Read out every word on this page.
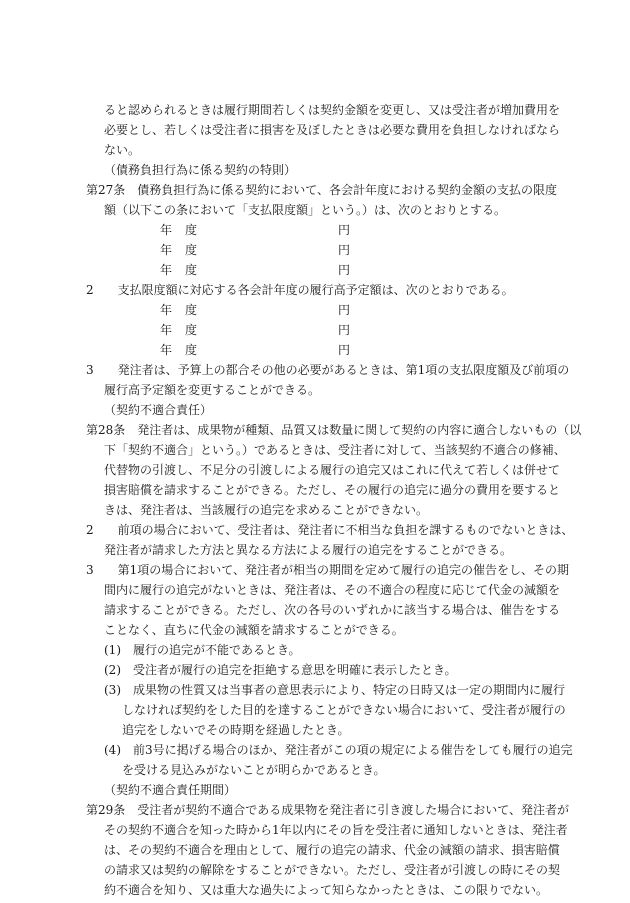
ると認められるときは履行期間若しくは契約金額を変更し、又は受注者が増加費用を
必要とし、若しくは受注者に損害を及ぼしたときは必要な費用を負担しなければなら
ない。
（債務負担行為に係る契約の特則）
第27条　債務負担行為に係る契約において、各会計年度における契約金額の支払の限度
額（以下この条において「支払限度額」という。）は、次のとおりとする。
年 度	円
年 度	円
年 度	円
2　　支払限度額に対応する各会計年度の履行高予定額は、次のとおりである。
年 度	円
年 度	円
年 度	円
3　　発注者は、予算上の都合その他の必要があるときは、第1項の支払限度額及び前項の
履行高予定額を変更することができる。
（契約不適合責任）
第28条　発注者は、成果物が種類、品質又は数量に関して契約の内容に適合しないもの（以
下「契約不適合」という。）であるときは、受注者に対して、当該契約不適合の修補、
代替物の引渡し、不足分の引渡しによる履行の追完又はこれに代えて若しくは併せて
損害賠償を請求することができる。ただし、その履行の追完に過分の費用を要すると
きは、発注者は、当該履行の追完を求めることができない。
2　　前項の場合において、受注者は、発注者に不相当な負担を課するものでないときは、
発注者が請求した方法と異なる方法による履行の追完をすることができる。
3　　第1項の場合において、発注者が相当の期間を定めて履行の追完の催告をし、その期
間内に履行の追完がないときは、発注者は、その不適合の程度に応じて代金の減額を
請求することができる。ただし、次の各号のいずれかに該当する場合は、催告をする
ことなく、直ちに代金の減額を請求することができる。
(1)　履行の追完が不能であるとき。
(2)　受注者が履行の追完を拒絶する意思を明確に表示したとき。
(3)　成果物の性質又は当事者の意思表示により、特定の日時又は一定の期間内に履行
しなければ契約をした目的を達することができない場合において、受注者が履行の
追完をしないでその時期を経過したとき。
(4)　前3号に掲げる場合のほか、発注者がこの項の規定による催告をしても履行の追完
を受ける見込みがないことが明らかであるとき。
（契約不適合責任期間）
第29条　受注者が契約不適合である成果物を発注者に引き渡した場合において、発注者が
その契約不適合を知った時から1年以内にその旨を受注者に通知しないときは、発注者
は、その契約不適合を理由として、履行の追完の請求、代金の減額の請求、損害賠償
の請求又は契約の解除をすることができない。ただし、受注者が引渡しの時にその契
約不適合を知り、又は重大な過失によって知らなかったときは、この限りでない。
